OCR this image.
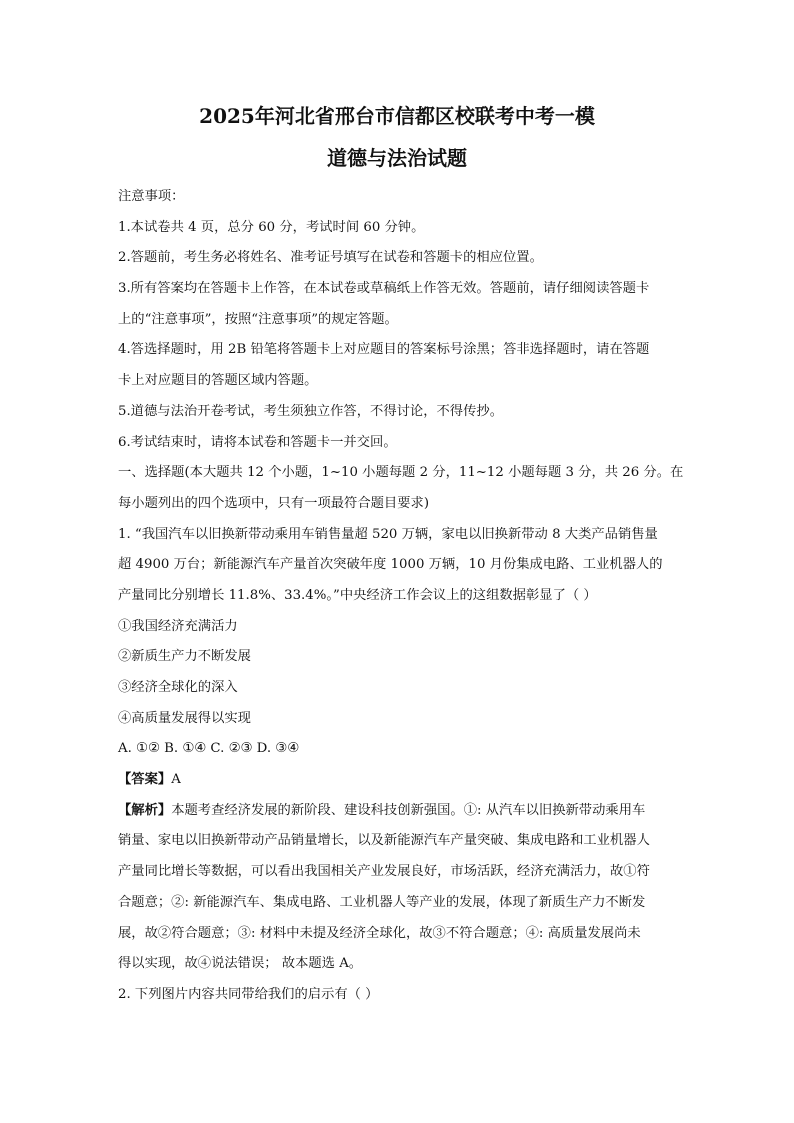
2025年河北省邢台市信都区校联考中考一模
道德与法治试题
注意事项：
1.本试卷共 4 页，总分 60 分，考试时间 60 分钟。
2.答题前，考生务必将姓名、准考证号填写在试卷和答题卡的相应位置。
3.所有答案均在答题卡上作答，在本试卷或草稿纸上作答无效。答题前，请仔细阅读答题卡
上的“注意事项”，按照“注意事项”的规定答题。
4.答选择题时，用 2B 铅笔将答题卡上对应题目的答案标号涂黑；答非选择题时，请在答题
卡上对应题目的答题区域内答题。
5.道德与法治开卷考试，考生须独立作答，不得讨论，不得传抄。
6.考试结束时，请将本试卷和答题卡一并交回。
一、选择题(本大题共 12 个小题，1~10 小题每题 2 分，11~12 小题每题 3 分，共 26 分。在
每小题列出的四个选项中，只有一项最符合题目要求)
1. “我国汽车以旧换新带动乘用车销售量超 520 万辆，家电以旧换新带动 8 大类产品销售量
超 4900 万台；新能源汽车产量首次突破年度 1000 万辆，10 月份集成电路、工业机器人的
产量同比分别增长 11.8%、33.4%。”中央经济工作会议上的这组数据彰显了（ ）
①我国经济充满活力
②新质生产力不断发展
③经济全球化的深入
④高质量发展得以实现
A. ①② B. ①④ C. ②③ D. ③④
【答案】A
【解析】本题考查经济发展的新阶段、建设科技创新强国。①: 从汽车以旧换新带动乘用车
销量、家电以旧换新带动产品销量增长，以及新能源汽车产量突破、集成电路和工业机器人
产量同比增长等数据，可以看出我国相关产业发展良好，市场活跃，经济充满活力，故①符
合题意；②: 新能源汽车、集成电路、工业机器人等产业的发展，体现了新质生产力不断发
展，故②符合题意；③: 材料中未提及经济全球化，故③不符合题意；④: 高质量发展尚未
得以实现，故④说法错误； 故本题选 A。
2. 下列图片内容共同带给我们的启示有（ ）
